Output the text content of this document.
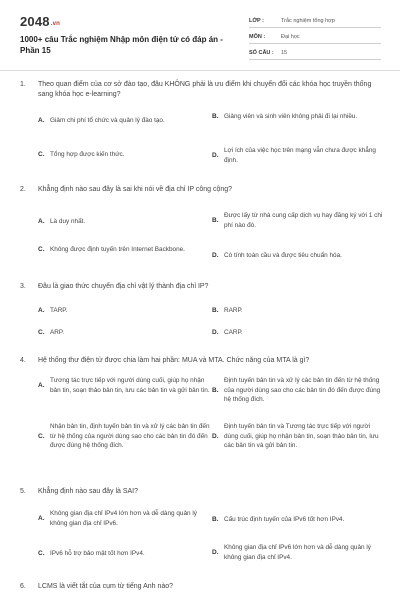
2048.vn
1000+ câu Trắc nghiệm Nhập môn điện tử có đáp án - Phần 15
LỚP :	Trắc nghiệm tổng hợp
MÔN :	Đại học
SỐ CÂU :	15
1.	Theo quan điểm của cơ sở đào tạo, đâu KHÔNG phải là ưu điểm khi chuyển đổi các khóa học truyền thống sang khóa học e-learning?
A. Giảm chi phí tổ chức và quản lý đào tạo.
B. Giảng viên và sinh viên không phải đi lại nhiều.
C. Tổng hợp được kiến thức.	D.
Lợi ích của việc học trên mạng vẫn chưa được khẳng định.
2.	Khẳng định nào sau đây là sai khi nói về địa chỉ IP công cộng?
A. Là duy nhất.	B.
Được lấy từ nhà cung cấp dịch vụ hay đăng ký với 1 chi phí nào đó.
C. Không được định tuyến trên Internet Backbone.
D. Có tính toàn cầu và được tiêu chuẩn hóa.
3.	Đâu là giao thức chuyển địa chỉ vật lý thành địa chỉ IP?
A. TARP.	B. RARP.
C. ARP.	D. CARP.
4.	Hệ thống thư điện tử được chia làm hai phần: MUA và MTA. Chức năng của MTA là gì?
A.
Tương tác trực tiếp với người dùng cuối, giúp họ nhận bản tin, soạn thảo bản tin, lưu các bản tin và gửi bản tin. B.
Định tuyến bản tin và xử lý các bản tin đến từ hệ thống của người dùng sao cho các bản tin đó đến được đúng hệ thống đích.
C.
Nhận bản tin, định tuyến bản tin và xử lý các bản tin đến từ hệ thống của người dùng sao cho các bản tin đó đến được đúng hệ thống đích.
D.
Định tuyến bản tin và Tương tác trực tiếp với người dùng cuối, giúp họ nhận bản tin, soạn thảo bản tin, lưu các bản tin và gửi bản tin.
5.	Khẳng định nào sau đây là SAI?
A.
Không gian địa chỉ IPv4 lớn hơn và dễ dàng quản lý không gian địa chỉ IPv6.	B. Cấu trúc định tuyến của IPv6 tốt hơn IPv4.
C. IPv6 hỗ trợ bảo mật tốt hơn IPv4.	D.
Không gian địa chỉ IPv6 lớn hơn và dễ dàng quản lý không gian địa chỉ IPv4.
6.	LCMS là viết tắt của cụm từ tiếng Anh nào?
